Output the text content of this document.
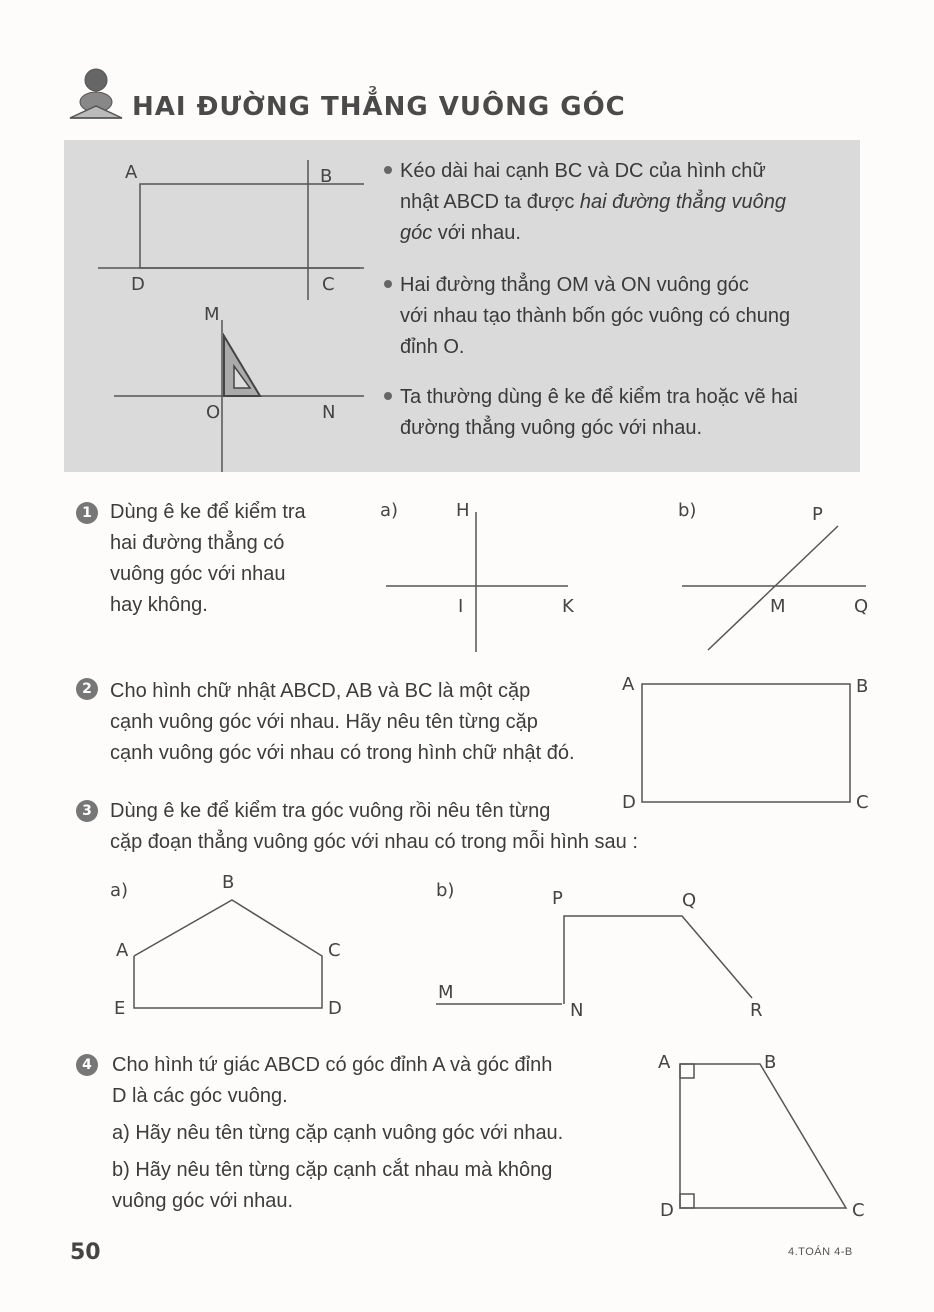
HAI ĐƯỜNG THẲNG VUÔNG GÓC
A	B
D	C
M
O	N
Kéo dài hai cạnh BC và DC của hình chữ
nhật ABCD ta được hai đường thẳng vuông
góc với nhau.
Hai đường thẳng OM và ON vuông góc
với nhau tạo thành bốn góc vuông có chung
đỉnh O.
Ta thường dùng ê ke để kiểm tra hoặc vẽ hai
đường thẳng vuông góc với nhau.
1 Dùng ê ke để kiểm tra
hai đường thẳng có
vuông góc với nhau
hay không.
a)	H
I	K
b)	P
M	Q
2 Cho hình chữ nhật ABCD, AB và BC là một cặp
cạnh vuông góc với nhau. Hãy nêu tên từng cặp
cạnh vuông góc với nhau có trong hình chữ nhật đó.
A	B
D	C
3 Dùng ê ke để kiểm tra góc vuông rồi nêu tên từng
cặp đoạn thẳng vuông góc với nhau có trong mỗi hình sau :
a)	B
A	C
E	D
b)	P	Q
M
N	R
4	Cho hình tứ giác ABCD có góc đỉnh A và góc đỉnh
D là các góc vuông.
a) Hãy nêu tên từng cặp cạnh vuông góc với nhau.
b) Hãy nêu tên từng cặp cạnh cắt nhau mà không
vuông góc với nhau.
A	B
D	C
50	4.TOÁN 4-B
